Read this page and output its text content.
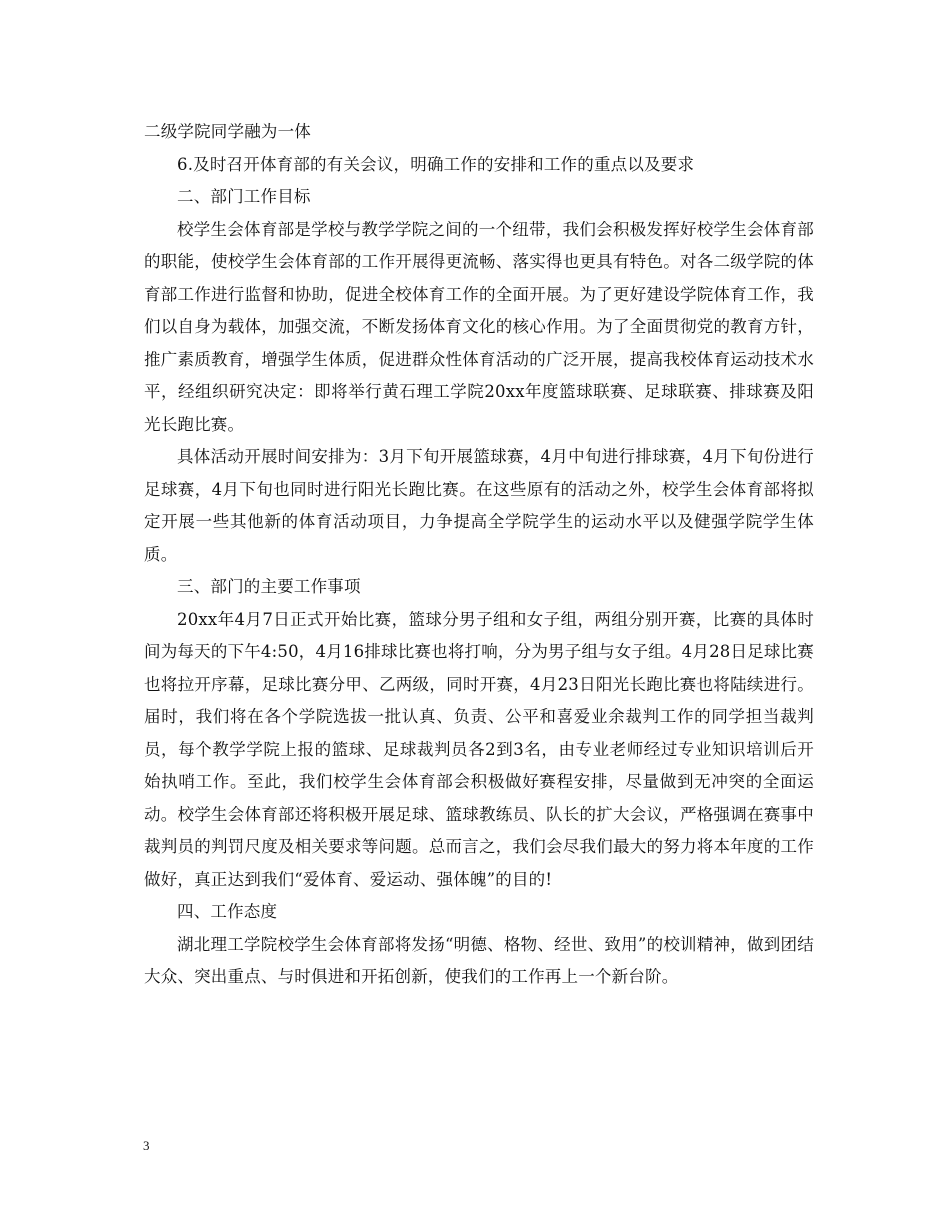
二级学院同学融为一体

6.及时召开体育部的有关会议，明确工作的安排和工作的重点以及要求

二、部门工作目标

校学生会体育部是学校与教学学院之间的一个纽带，我们会积极发挥好校学生会体育部的职能，使校学生会体育部的工作开展得更流畅、落实得也更具有特色。对各二级学院的体育部工作进行监督和协助，促进全校体育工作的全面开展。为了更好建设学院体育工作，我们以自身为载体，加强交流，不断发扬体育文化的核心作用。为了全面贯彻党的教育方针，推广素质教育，增强学生体质，促进群众性体育活动的广泛开展，提高我校体育运动技术水平，经组织研究决定：即将举行黄石理工学院20xx年度篮球联赛、足球联赛、排球赛及阳光长跑比赛。

具体活动开展时间安排为：3月下旬开展篮球赛，4月中旬进行排球赛，4月下旬份进行足球赛，4月下旬也同时进行阳光长跑比赛。在这些原有的活动之外，校学生会体育部将拟定开展一些其他新的体育活动项目，力争提高全学院学生的运动水平以及健强学院学生体质。

三、部门的主要工作事项

20xx年4月7日正式开始比赛，篮球分男子组和女子组，两组分别开赛，比赛的具体时间为每天的下午4:50，4月16排球比赛也将打响，分为男子组与女子组。4月28日足球比赛也将拉开序幕，足球比赛分甲、乙两级，同时开赛，4月23日阳光长跑比赛也将陆续进行。届时，我们将在各个学院选拔一批认真、负责、公平和喜爱业余裁判工作的同学担当裁判员，每个教学学院上报的篮球、足球裁判员各2到3名，由专业老师经过专业知识培训后开始执哨工作。至此，我们校学生会体育部会积极做好赛程安排，尽量做到无冲突的全面运动。校学生会体育部还将积极开展足球、篮球教练员、队长的扩大会议，严格强调在赛事中裁判员的判罚尺度及相关要求等问题。总而言之，我们会尽我们最大的努力将本年度的工作做好，真正达到我们“爱体育、爱运动、强体魄”的目的!

四、工作态度

湖北理工学院校学生会体育部将发扬“明德、格物、经世、致用”的校训精神，做到团结大众、突出重点、与时俱进和开拓创新，使我们的工作再上一个新台阶。

3
